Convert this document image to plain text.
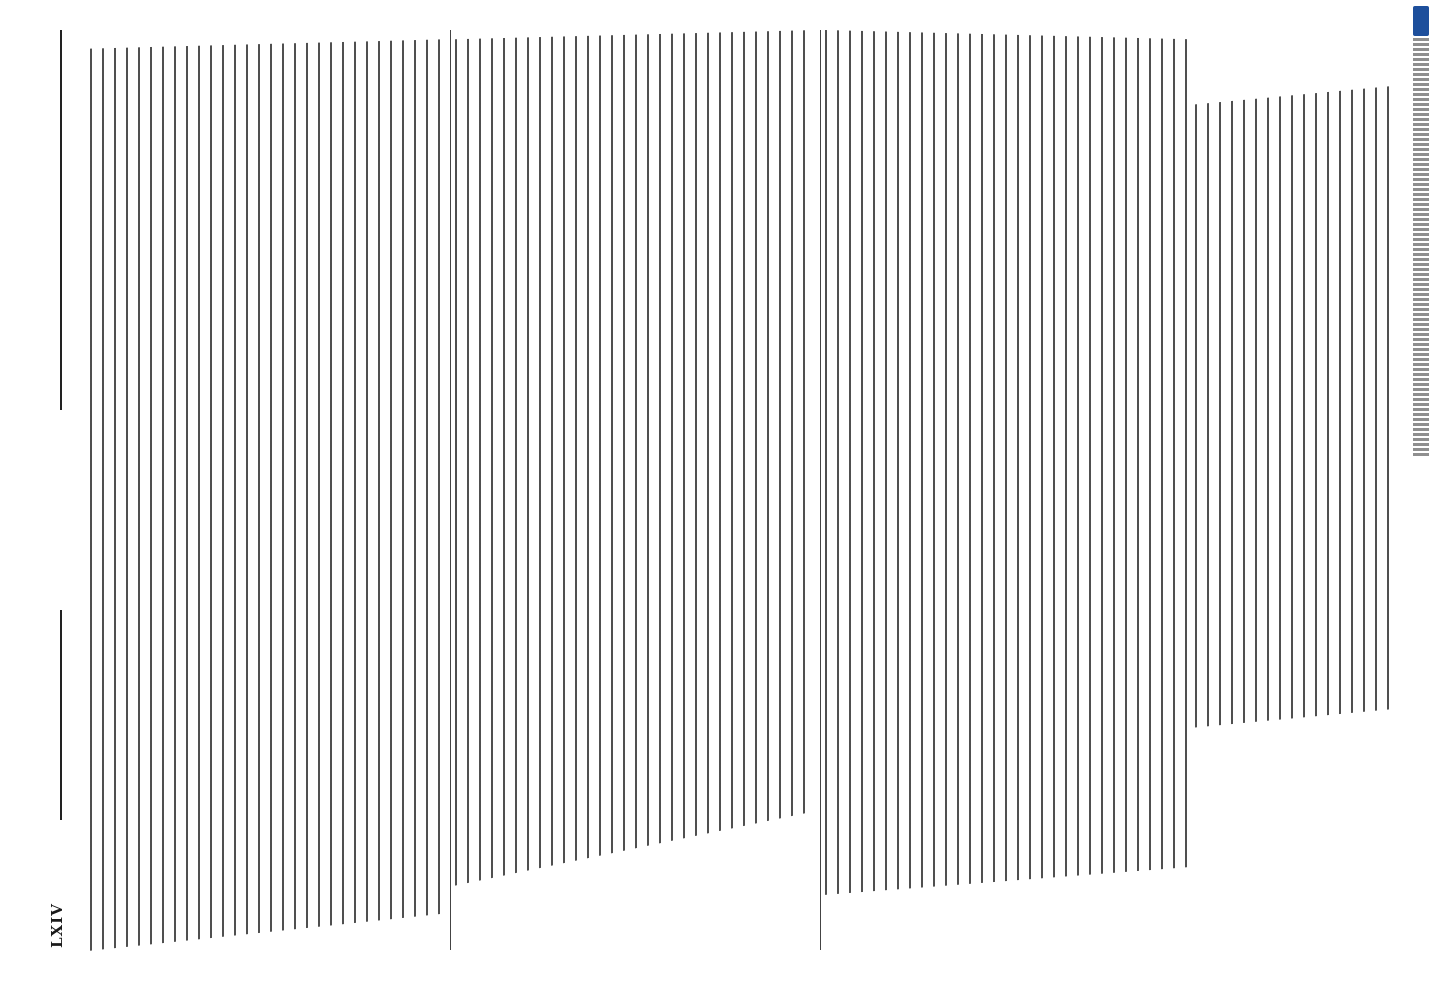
LXIV
